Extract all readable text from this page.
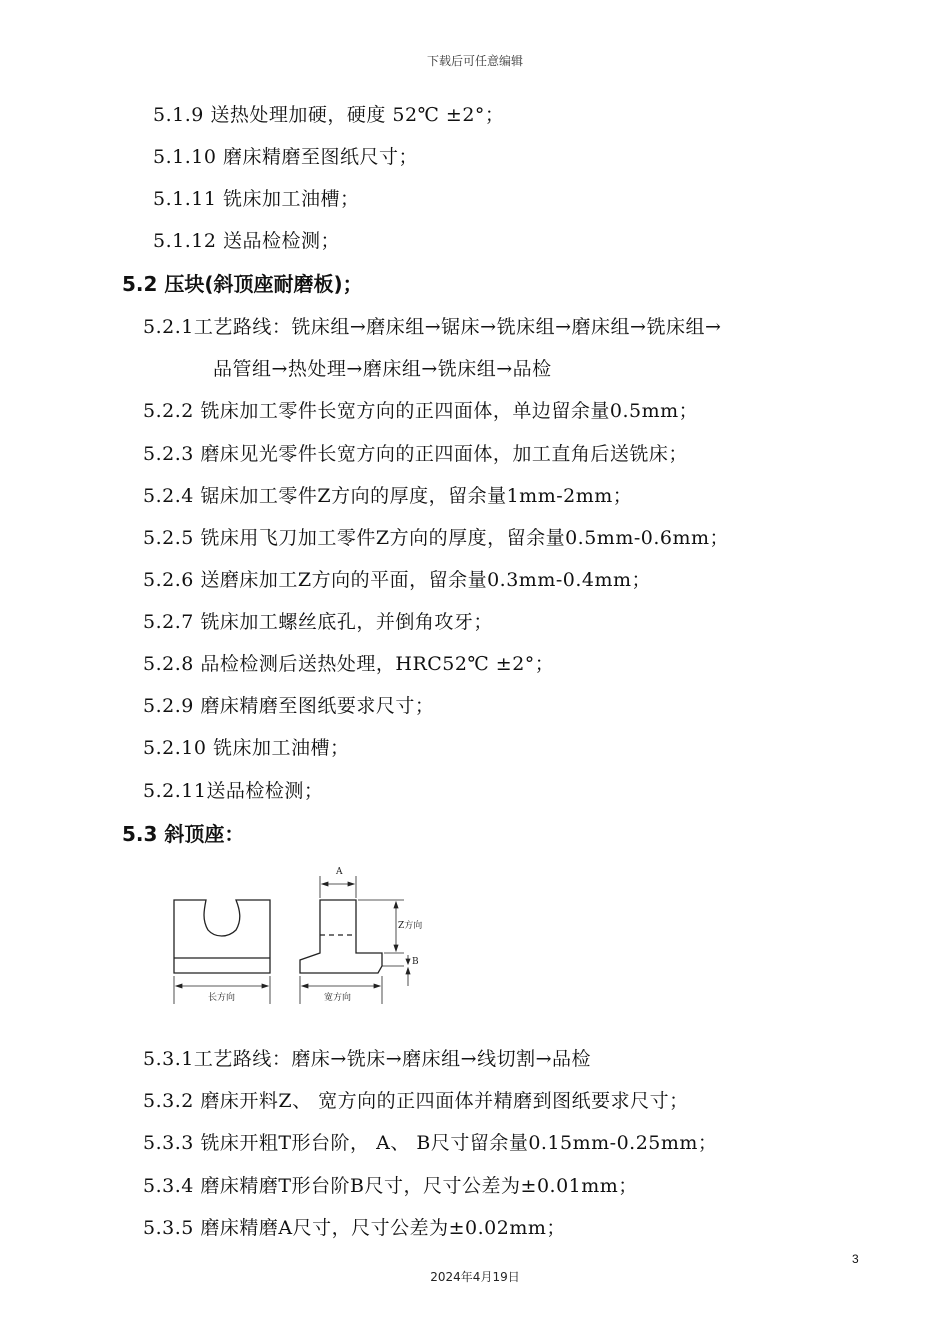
下载后可任意编辑
5.1.9 送热处理加硬，硬度 52℃ ±2°；
5.1.10 磨床精磨至图纸尺寸；
5.1.11 铣床加工油槽；
5.1.12 送品检检测；
5.2 压块(斜顶座耐磨板)；
5.2.1工艺路线：铣床组→磨床组→锯床→铣床组→磨床组→铣床组→
品管组→热处理→磨床组→铣床组→品检
5.2.2 铣床加工零件长宽方向的正四面体，单边留余量0.5mm；
5.2.3 磨床见光零件长宽方向的正四面体，加工直角后送铣床；
5.2.4 锯床加工零件Z方向的厚度，留余量1mm-2mm；
5.2.5 铣床用飞刀加工零件Z方向的厚度，留余量0.5mm-0.6mm；
5.2.6 送磨床加工Z方向的平面，留余量0.3mm-0.4mm；
5.2.7 铣床加工螺丝底孔，并倒角攻牙；
5.2.8 品检检测后送热处理，HRC52℃ ±2°；
5.2.9 磨床精磨至图纸要求尺寸；
5.2.10 铣床加工油槽；
5.2.11送品检检测；
5.3 斜顶座：
长方向
A
Z方向
B
宽方向
5.3.1工艺路线：磨床→铣床→磨床组→线切割→品检
5.3.2 磨床开料Z、 宽方向的正四面体并精磨到图纸要求尺寸；
5.3.3 铣床开粗T形台阶， A、 B尺寸留余量0.15mm-0.25mm；
5.3.4 磨床精磨T形台阶B尺寸，尺寸公差为±0.01mm；
5.3.5 磨床精磨A尺寸，尺寸公差为±0.02mm；
3
2024年4月19日
